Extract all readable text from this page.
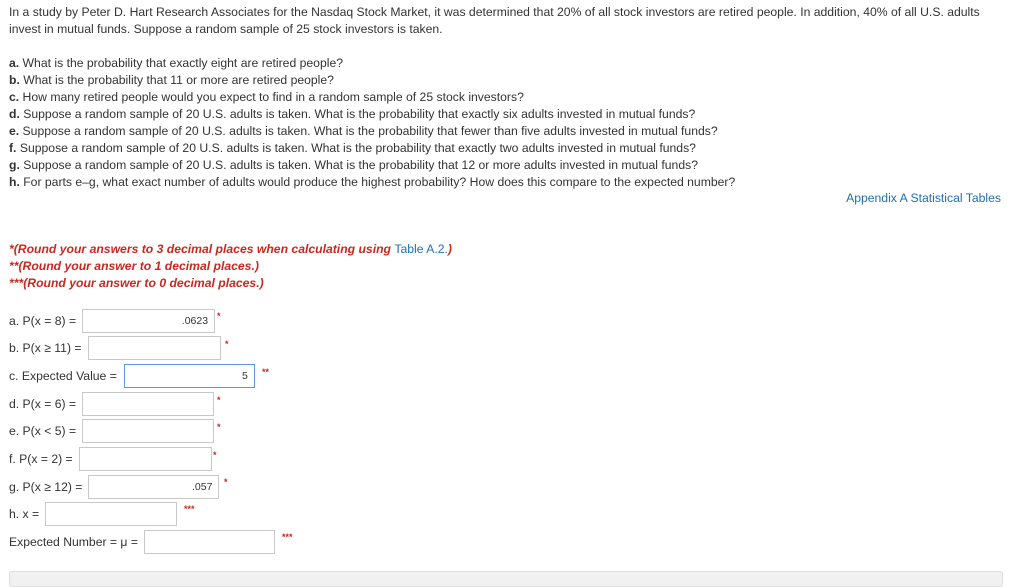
In a study by Peter D. Hart Research Associates for the Nasdaq Stock Market, it was determined that 20% of all stock investors are retired people. In addition, 40% of all U.S. adults invest in mutual funds. Suppose a random sample of 25 stock investors is taken.
a. What is the probability that exactly eight are retired people?
b. What is the probability that 11 or more are retired people?
c. How many retired people would you expect to find in a random sample of 25 stock investors?
d. Suppose a random sample of 20 U.S. adults is taken. What is the probability that exactly six adults invested in mutual funds?
e. Suppose a random sample of 20 U.S. adults is taken. What is the probability that fewer than five adults invested in mutual funds?
f. Suppose a random sample of 20 U.S. adults is taken. What is the probability that exactly two adults invested in mutual funds?
g. Suppose a random sample of 20 U.S. adults is taken. What is the probability that 12 or more adults invested in mutual funds?
h. For parts e–g, what exact number of adults would produce the highest probability? How does this compare to the expected number?
Appendix A Statistical Tables
*(Round your answers to 3 decimal places when calculating using Table A.2.)
**(Round your answer to 1 decimal places.)
***(Round your answer to 0 decimal places.)
a. P(x = 8) =	.0623 *
b. P(x ≥ 11) =	*
c. Expected Value =	5	**
d. P(x = 6) =	*
e. P(x < 5) =	*
f. P(x = 2) =	*
g. P(x ≥ 12) =	.057	*
h. x =	***
Expected Number = μ =	***
